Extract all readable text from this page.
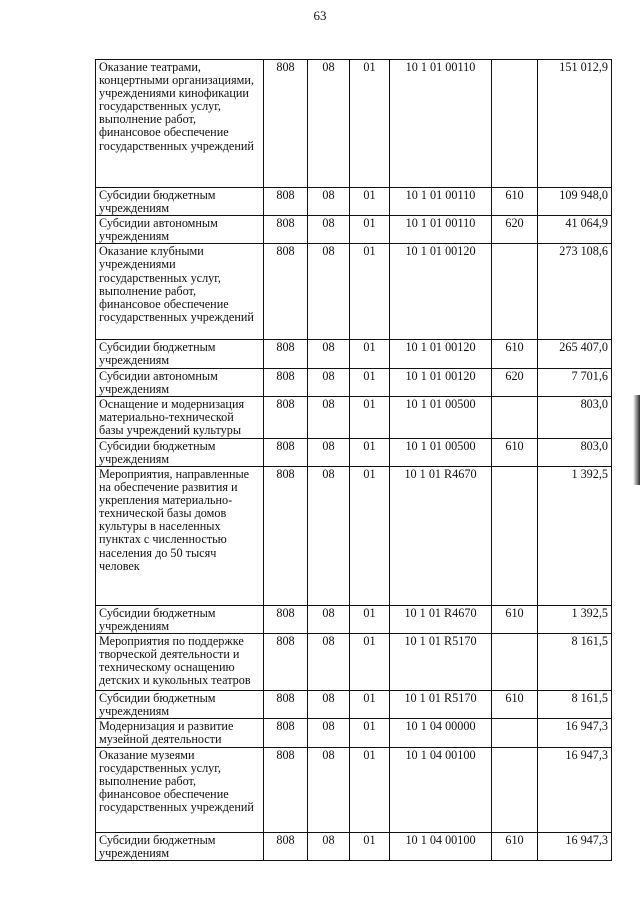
63
Оказание театрами, концертными организациями, учреждениями кинофикации государственных услуг, выполнение работ, финансовое обеспечение государственных учреждений	808	08	01	10 1 01 00110		151 012,9
Субсидии бюджетным учреждениям	808	08	01	10 1 01 00110	610	109 948,0
Субсидии автономным учреждениям	808	08	01	10 1 01 00110	620	41 064,9
Оказание клубными учреждениями государственных услуг, выполнение работ, финансовое обеспечение государственных учреждений	808	08	01	10 1 01 00120		273 108,6
Субсидии бюджетным учреждениям	808	08	01	10 1 01 00120	610	265 407,0
Субсидии автономным учреждениям	808	08	01	10 1 01 00120	620	7 701,6
Оснащение и модернизация материально-технической базы учреждений культуры	808	08	01	10 1 01 00500		803,0
Субсидии бюджетным учреждениям	808	08	01	10 1 01 00500	610	803,0
Мероприятия, направленные на обеспечение развития и укрепления материально-технической базы домов культуры в населенных пунктах с численностью населения до 50 тысяч человек	808	08	01	10 1 01 R4670		1 392,5
Субсидии бюджетным учреждениям	808	08	01	10 1 01 R4670	610	1 392,5
Мероприятия по поддержке творческой деятельности и техническому оснащению детских и кукольных театров	808	08	01	10 1 01 R5170		8 161,5
Субсидии бюджетным учреждениям	808	08	01	10 1 01 R5170	610	8 161,5
Модернизация и развитие музейной деятельности	808	08	01	10 1 04 00000		16 947,3
Оказание музеями государственных услуг, выполнение работ, финансовое обеспечение государственных учреждений	808	08	01	10 1 04 00100		16 947,3
Субсидии бюджетным учреждениям	808	08	01	10 1 04 00100	610	16 947,3
